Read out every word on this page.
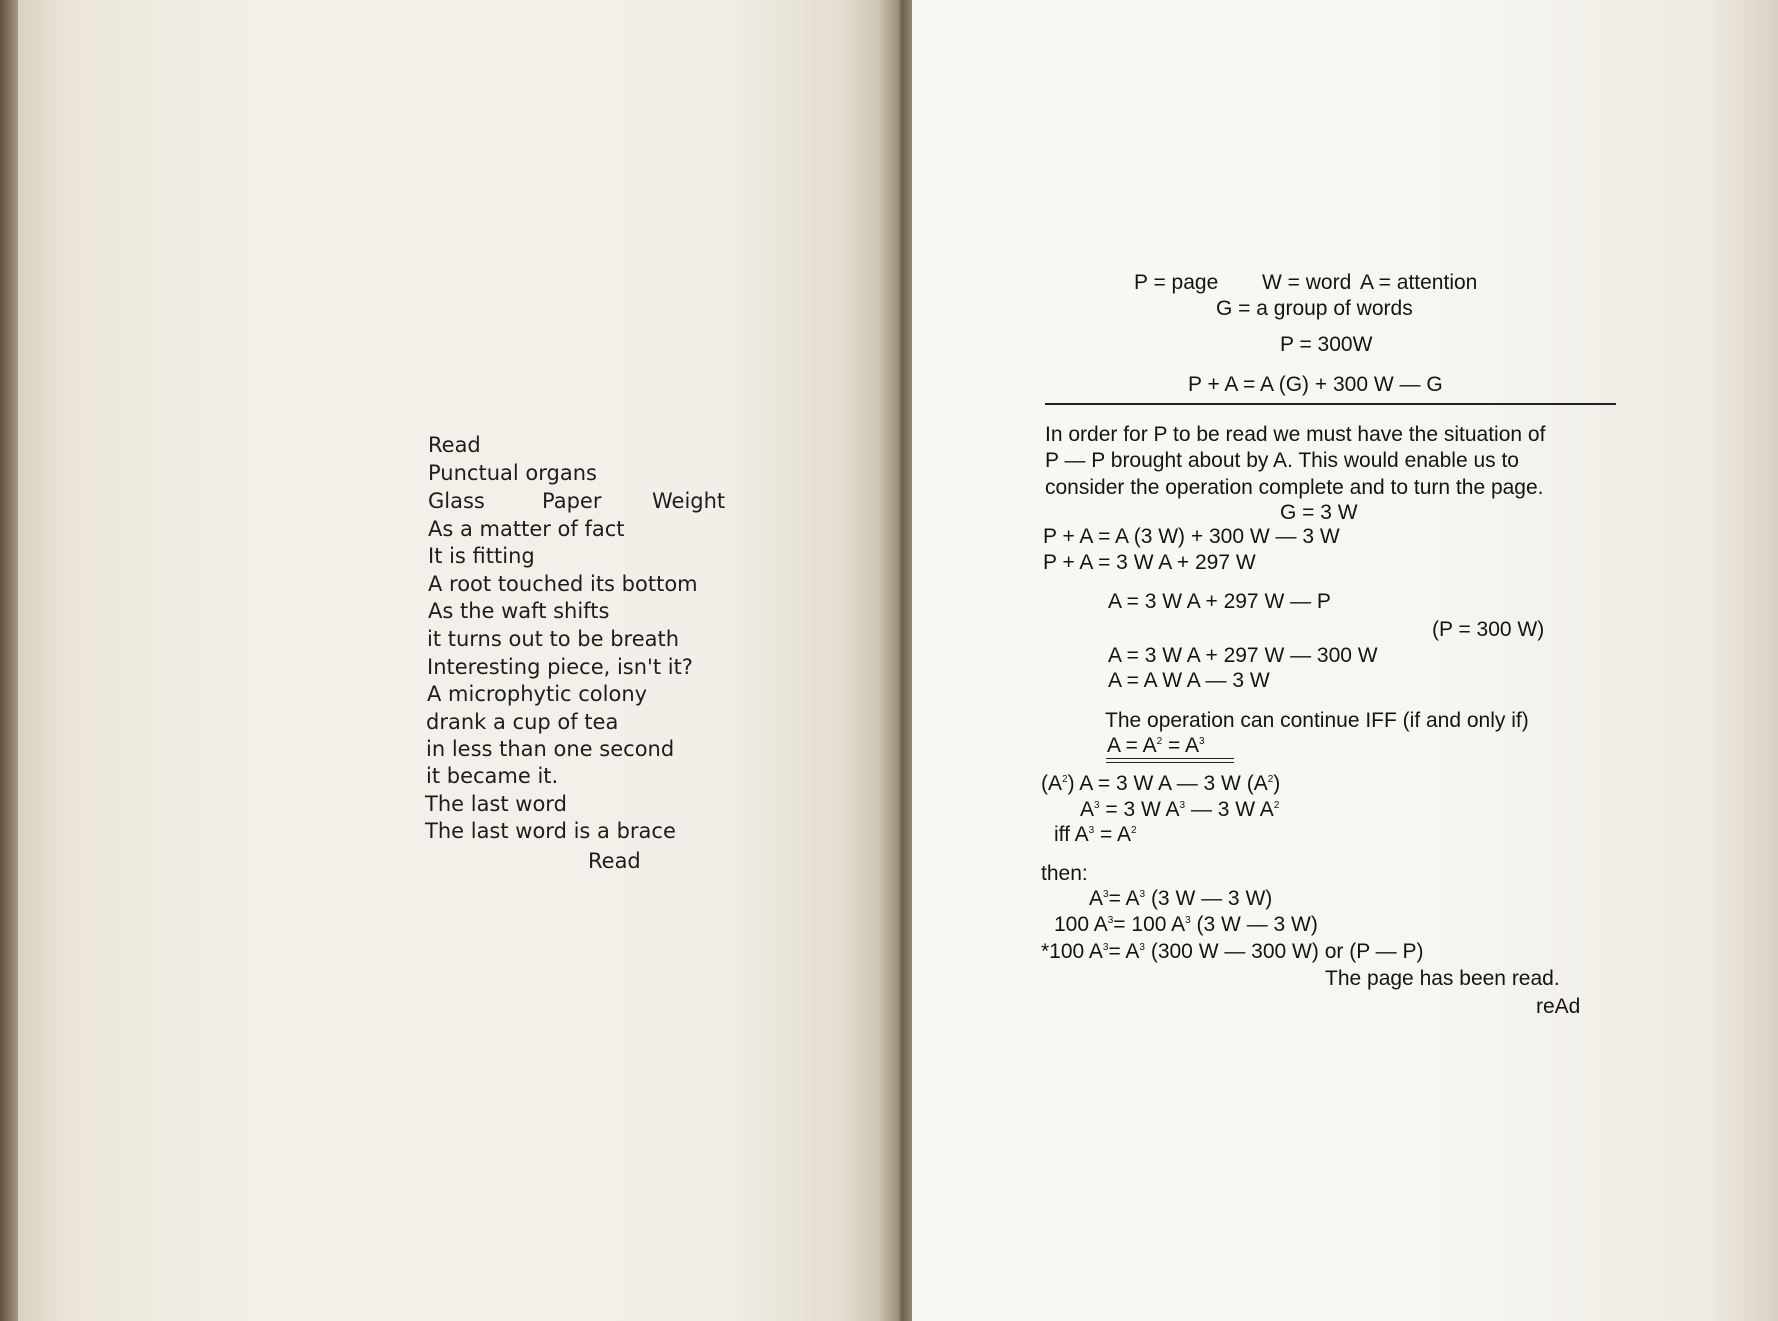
Read
Punctual organs
Glass	Paper Weight
As a matter of fact
It is fitting
A root touched its bottom
As the waft shifts
it turns out to be breath
Interesting piece, isn't it?
A microphytic colony
drank a cup of tea
in less than one second
it became it.
The last word
The last word is a brace
Read
P = page W = word A = attention
G = a group of words
P = 300W
P + A = A (G) + 300 W — G
In order for P to be read we must have the situation of
P — P brought about by A. This would enable us to
consider the operation complete and to turn the page.
G = 3 W
P + A = A (3 W) + 300 W — 3 W
P + A = 3 W A + 297 W
A = 3 W A + 297 W — P
(P = 300 W)
A = 3 W A + 297 W — 300 W
A = A W A — 3 W
The operation can continue IFF (if and only if)
$A = A^2 = A^3$
$(A^2) A = 3$ W A — 3 W $(A^2)$
$A^3 = 3$ W $A^3$ — 3 W $A^2$
iff $A^3 = A^2$
then:
$A^3= A^3$ (3 W — 3 W)
100 $A^3= 100$ $A^3$ (3 W — 3 W)
*100 $A^3= A^3$ (300 W — 300 W) or (P — P)
The page has been read.
reAd
